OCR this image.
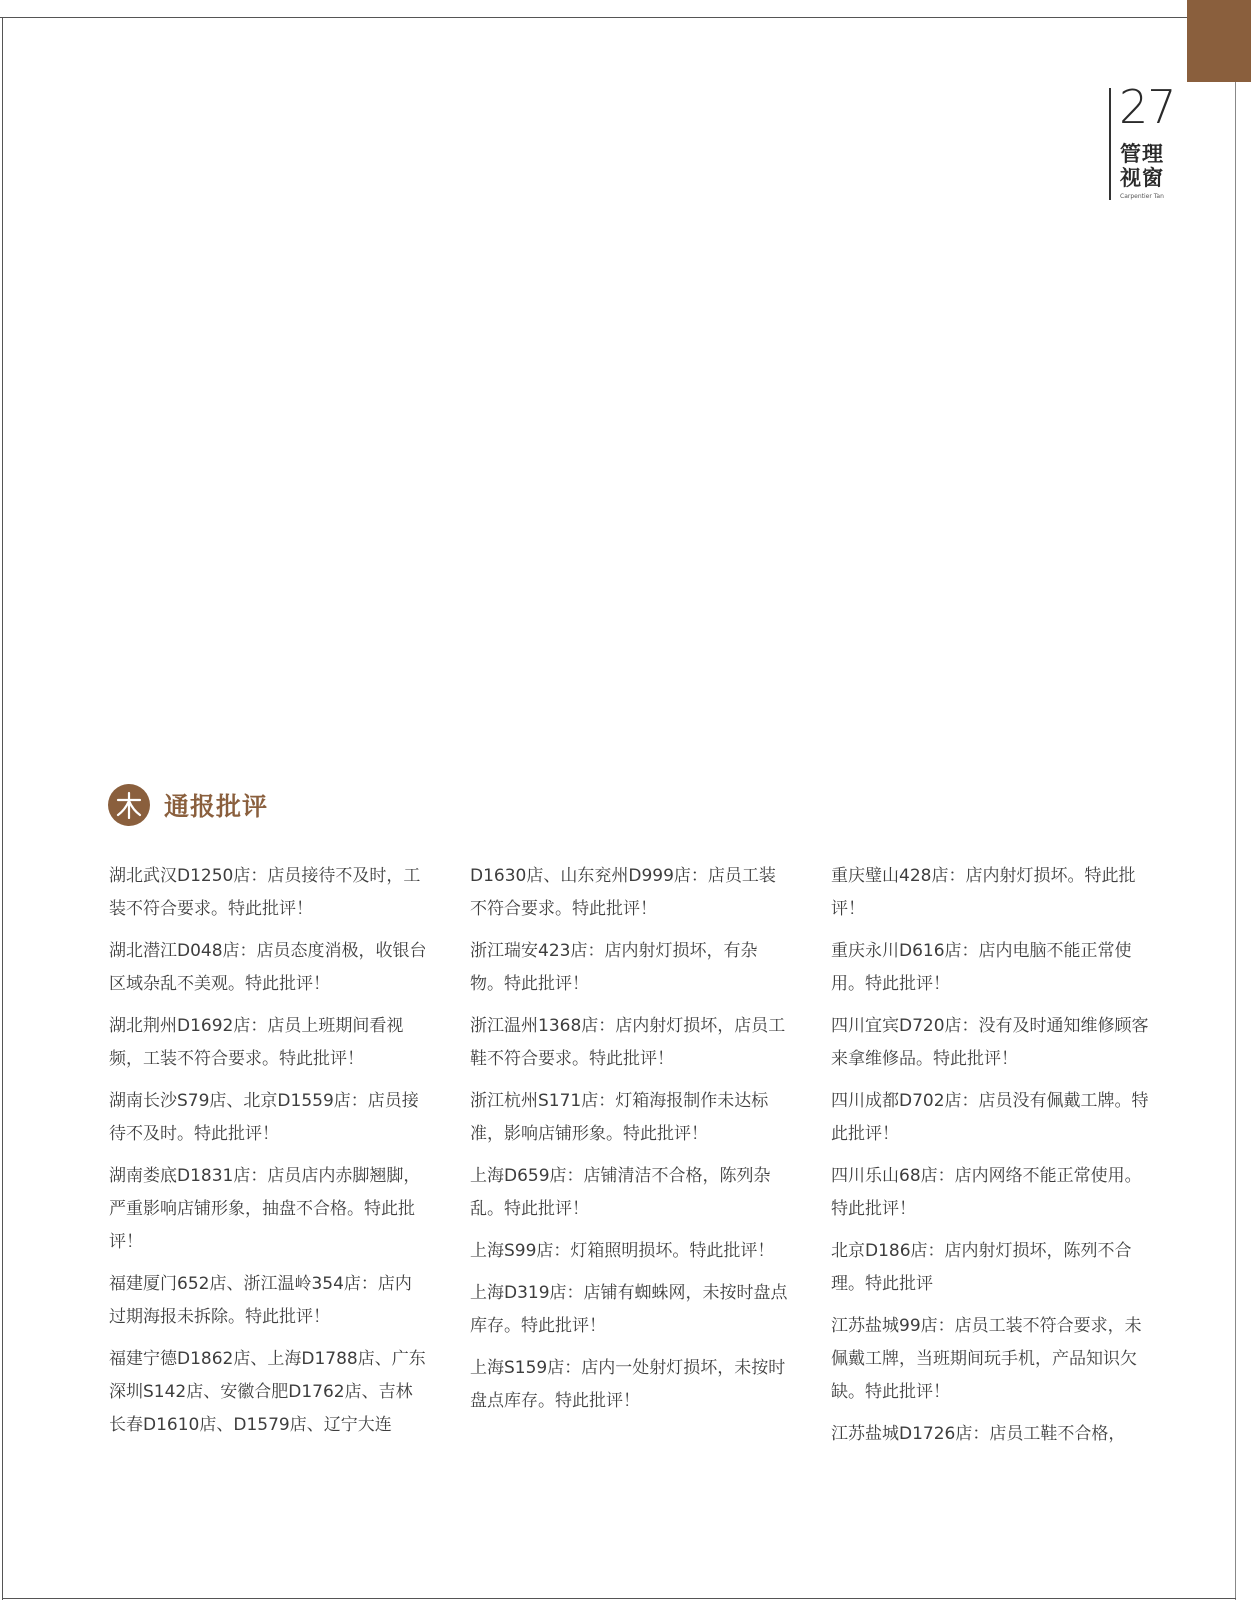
27
管理视窗
Carpentier Tan
通报批评

湖北武汉D1250店：店员接待不及时，工装不符合要求。特此批评！

湖北潜江D048店：店员态度消极，收银台区域杂乱不美观。特此批评！

湖北荆州D1692店：店员上班期间看视频，工装不符合要求。特此批评！

湖南长沙S79店、北京D1559店：店员接待不及时。特此批评！

湖南娄底D1831店：店员店内赤脚翘脚，严重影响店铺形象，抽盘不合格。特此批评！

福建厦门652店、浙江温岭354店：店内过期海报未拆除。特此批评！

福建宁德D1862店、上海D1788店、广东深圳S142店、安徽合肥D1762店、吉林长春D1610店、D1579店、辽宁大连

D1630店、山东兖州D999店：店员工装不符合要求。特此批评！

浙江瑞安423店：店内射灯损坏，有杂物。特此批评！

浙江温州1368店：店内射灯损坏，店员工鞋不符合要求。特此批评！

浙江杭州S171店：灯箱海报制作未达标准，影响店铺形象。特此批评！

上海D659店：店铺清洁不合格，陈列杂乱。特此批评！

上海S99店：灯箱照明损坏。特此批评！

上海D319店：店铺有蜘蛛网，未按时盘点库存。特此批评！

上海S159店：店内一处射灯损坏，未按时盘点库存。特此批评！

重庆璧山428店：店内射灯损坏。特此批评！

重庆永川D616店：店内电脑不能正常使用。特此批评！

四川宜宾D720店：没有及时通知维修顾客来拿维修品。特此批评！

四川成都D702店：店员没有佩戴工牌。特此批评！

四川乐山68店：店内网络不能正常使用。特此批评！

北京D186店：店内射灯损坏，陈列不合理。特此批评

江苏盐城99店：店员工装不符合要求，未佩戴工牌，当班期间玩手机，产品知识欠缺。特此批评！

江苏盐城D1726店：店员工鞋不合格，
